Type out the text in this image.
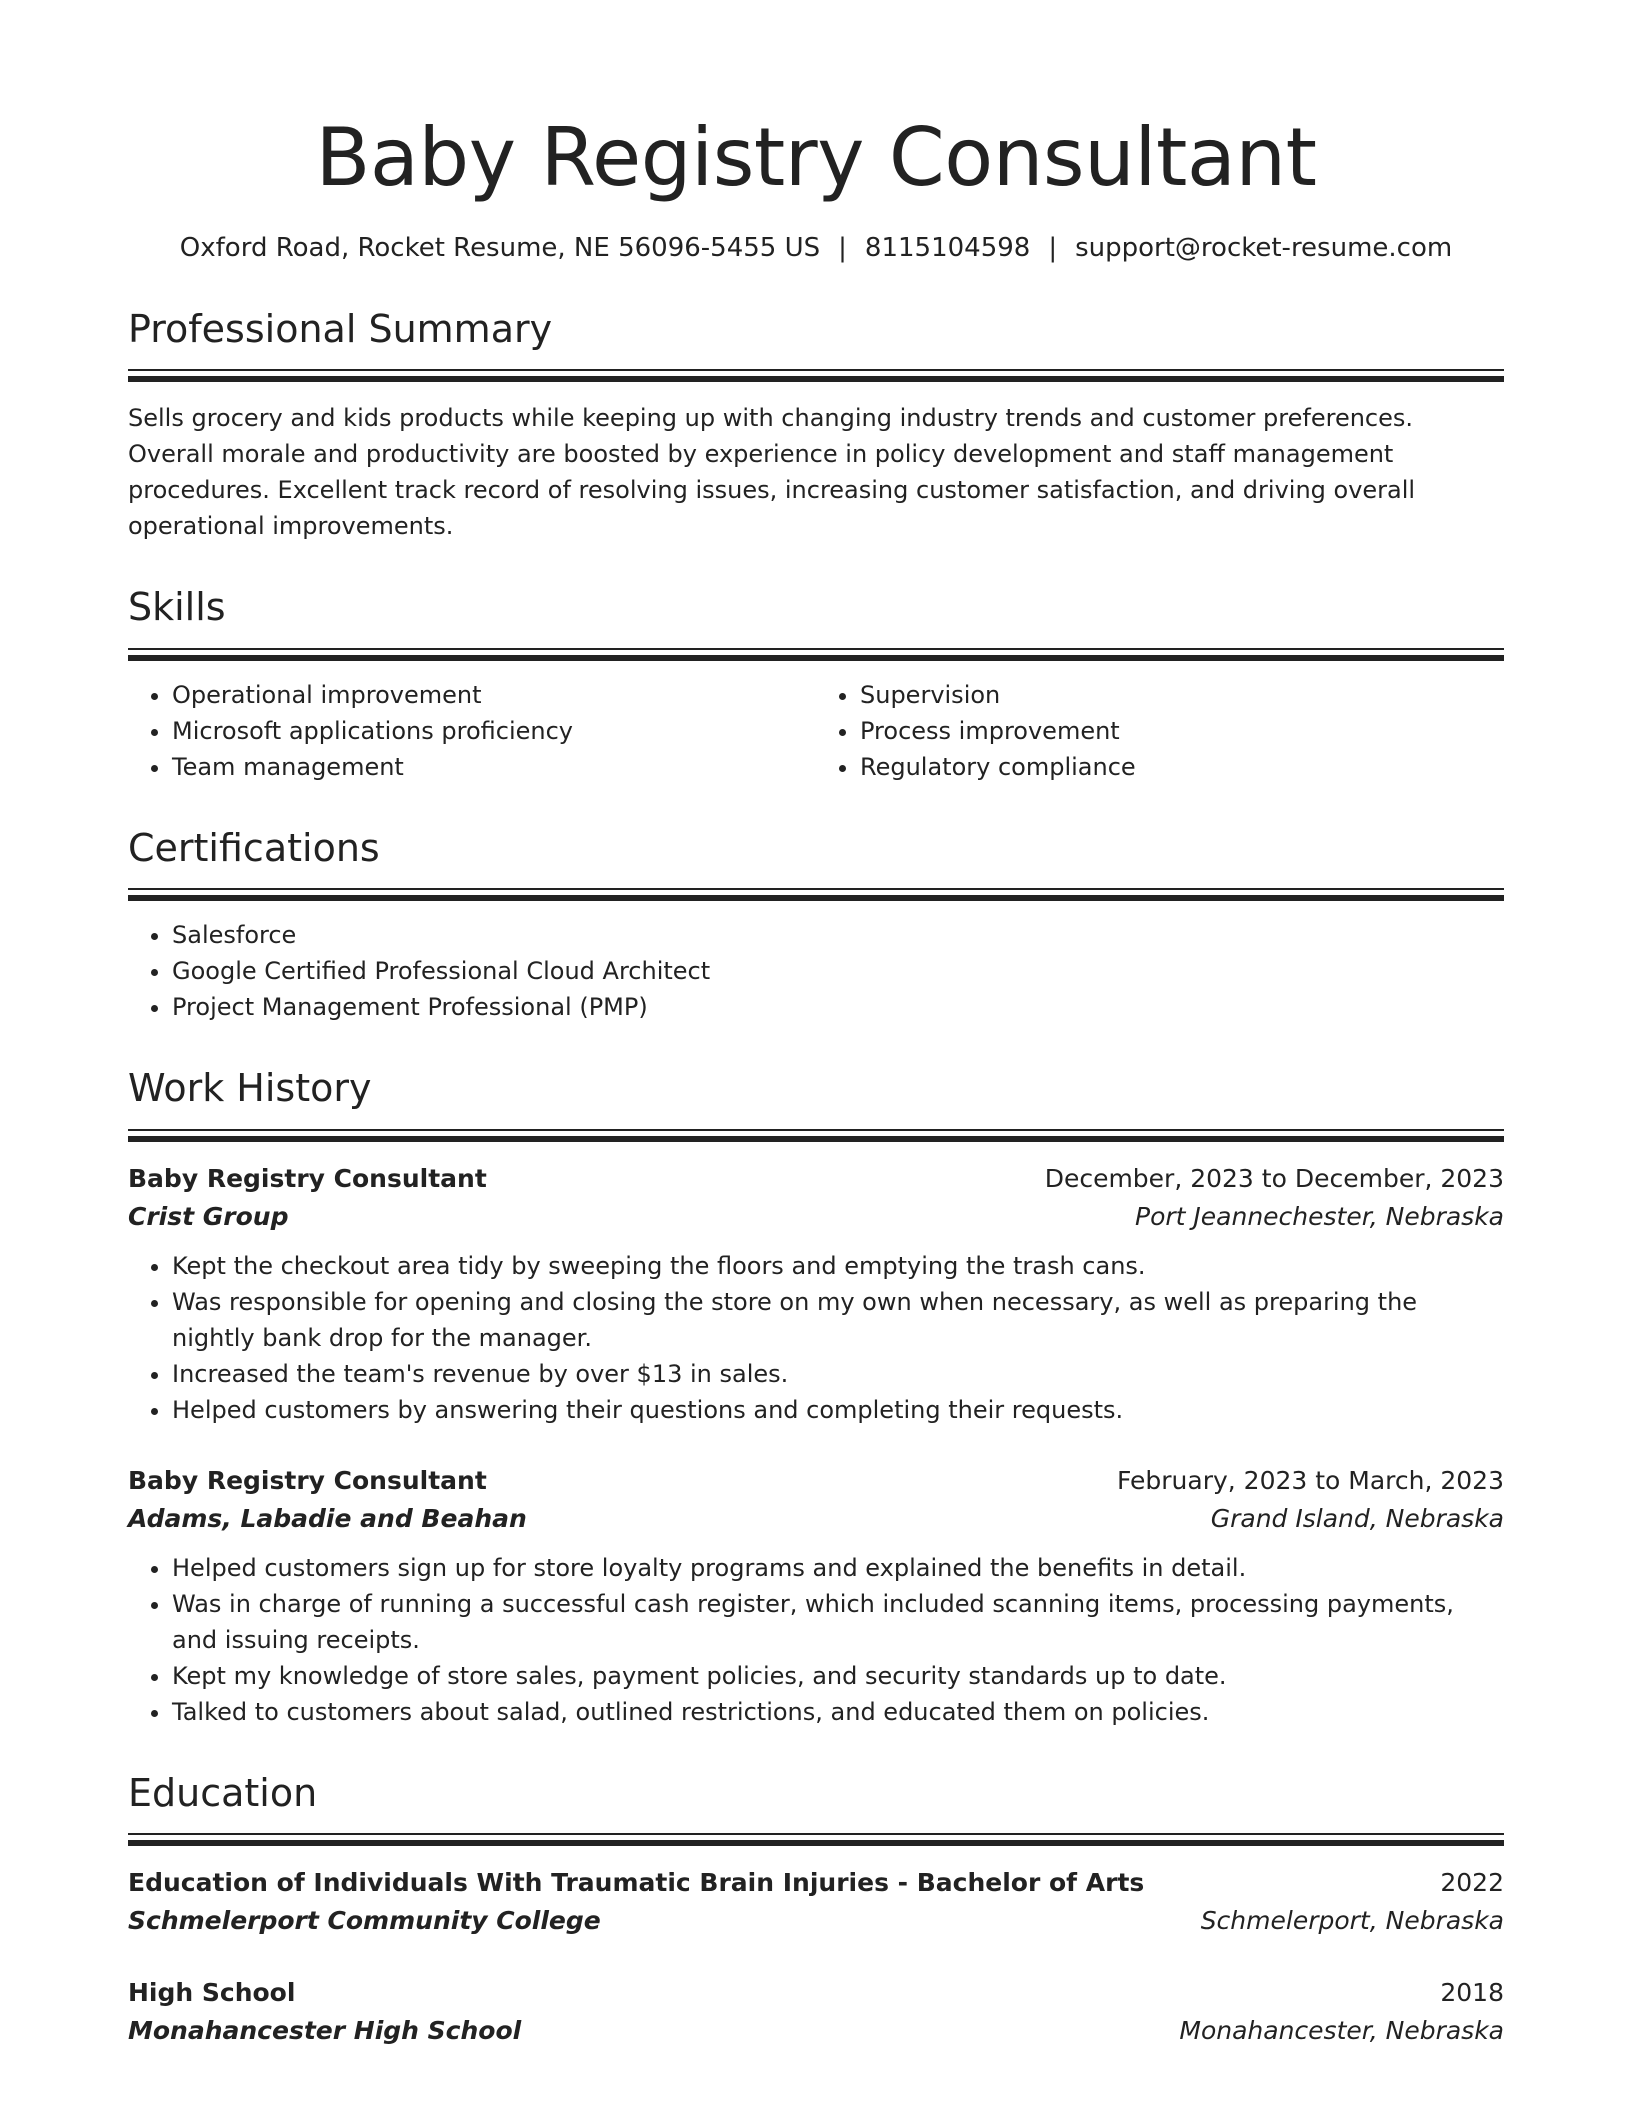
Baby Registry Consultant
Oxford Road, Rocket Resume, NE 56096-5455 US | 8115104598 | support@rocket-resume.com
Professional Summary
Sells grocery and kids products while keeping up with changing industry trends and customer preferences. Overall morale and productivity are boosted by experience in policy development and staff management procedures. Excellent track record of resolving issues, increasing customer satisfaction, and driving overall operational improvements.
Skills
• Operational improvement
• Microsoft applications proficiency
• Team management
• Supervision
• Process improvement
• Regulatory compliance
Certifications
• Salesforce
• Google Certified Professional Cloud Architect
• Project Management Professional (PMP)
Work History
Baby Registry Consultant	December, 2023 to December, 2023
Crist Group	Port Jeannechester, Nebraska
• Kept the checkout area tidy by sweeping the floors and emptying the trash cans.
• Was responsible for opening and closing the store on my own when necessary, as well as preparing the nightly bank drop for the manager.
• Increased the team's revenue by over $13 in sales.
• Helped customers by answering their questions and completing their requests.
Baby Registry Consultant	February, 2023 to March, 2023
Adams, Labadie and Beahan	Grand Island, Nebraska
• Helped customers sign up for store loyalty programs and explained the benefits in detail.
• Was in charge of running a successful cash register, which included scanning items, processing payments, and issuing receipts.
• Kept my knowledge of store sales, payment policies, and security standards up to date.
• Talked to customers about salad, outlined restrictions, and educated them on policies.
Education
Education of Individuals With Traumatic Brain Injuries - Bachelor of Arts	2022
Schmelerport Community College	Schmelerport, Nebraska
High School	2018
Monahancester High School	Monahancester, Nebraska
